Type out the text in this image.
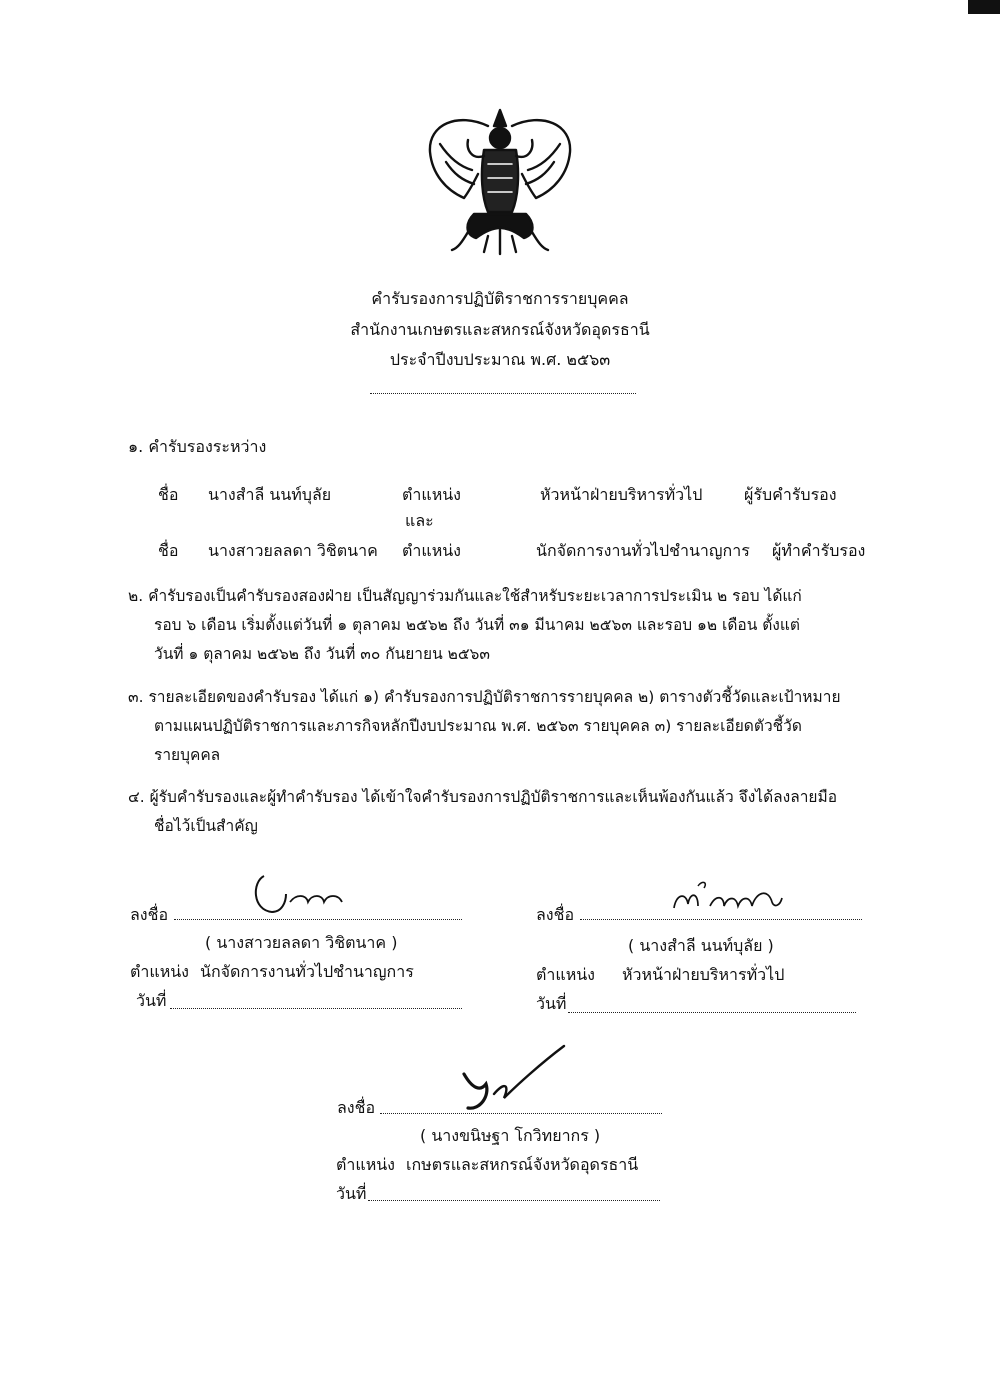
คำรับรองการปฏิบัติราชการรายบุคคล
สำนักงานเกษตรและสหกรณ์จังหวัดอุดรธานี
ประจำปีงบประมาณ พ.ศ. ๒๕๖๓
๑. คำรับรองระหว่าง
ชื่อ นางสำลี นนท์บุลัย	ตำแหน่ง	หัวหน้าฝ่ายบริหารทั่วไป	ผู้รับคำรับรอง
และ
ชื่อ นางสาวยลลดา วิชิตนาค ตำแหน่ง	นักจัดการงานทั่วไปชำนาญการ ผู้ทำคำรับรอง
๒. คำรับรองเป็นคำรับรองสองฝ่าย เป็นสัญญาร่วมกันและใช้สำหรับระยะเวลาการประเมิน ๒ รอบ ได้แก่
รอบ ๖ เดือน เริ่มตั้งแต่วันที่ ๑ ตุลาคม ๒๕๖๒ ถึง วันที่ ๓๑ มีนาคม ๒๕๖๓ และรอบ ๑๒ เดือน ตั้งแต่
วันที่ ๑ ตุลาคม ๒๕๖๒ ถึง วันที่ ๓๐ กันยายน ๒๕๖๓
๓. รายละเอียดของคำรับรอง ได้แก่ ๑) คำรับรองการปฏิบัติราชการรายบุคคล ๒) ตารางตัวชี้วัดและเป้าหมาย
ตามแผนปฏิบัติราชการและภารกิจหลักปีงบประมาณ พ.ศ. ๒๕๖๓ รายบุคคล ๓) รายละเอียดตัวชี้วัด
รายบุคคล
๔. ผู้รับคำรับรองและผู้ทำคำรับรอง ได้เข้าใจคำรับรองการปฏิบัติราชการและเห็นพ้องกันแล้ว จึงได้ลงลายมือ
ชื่อไว้เป็นสำคัญ
ลงชื่อ
( นางสาวยลลดา วิชิตนาค )
ตำแหน่ง นักจัดการงานทั่วไปชำนาญการ
วันที่
ลงชื่อ
( นางสำลี นนท์บุลัย )
ตำแหน่ง หัวหน้าฝ่ายบริหารทั่วไป
วันที่
ลงชื่อ
( นางขนิษฐา โกวิทยากร )
ตำแหน่ง เกษตรและสหกรณ์จังหวัดอุดรธานี
วันที่
